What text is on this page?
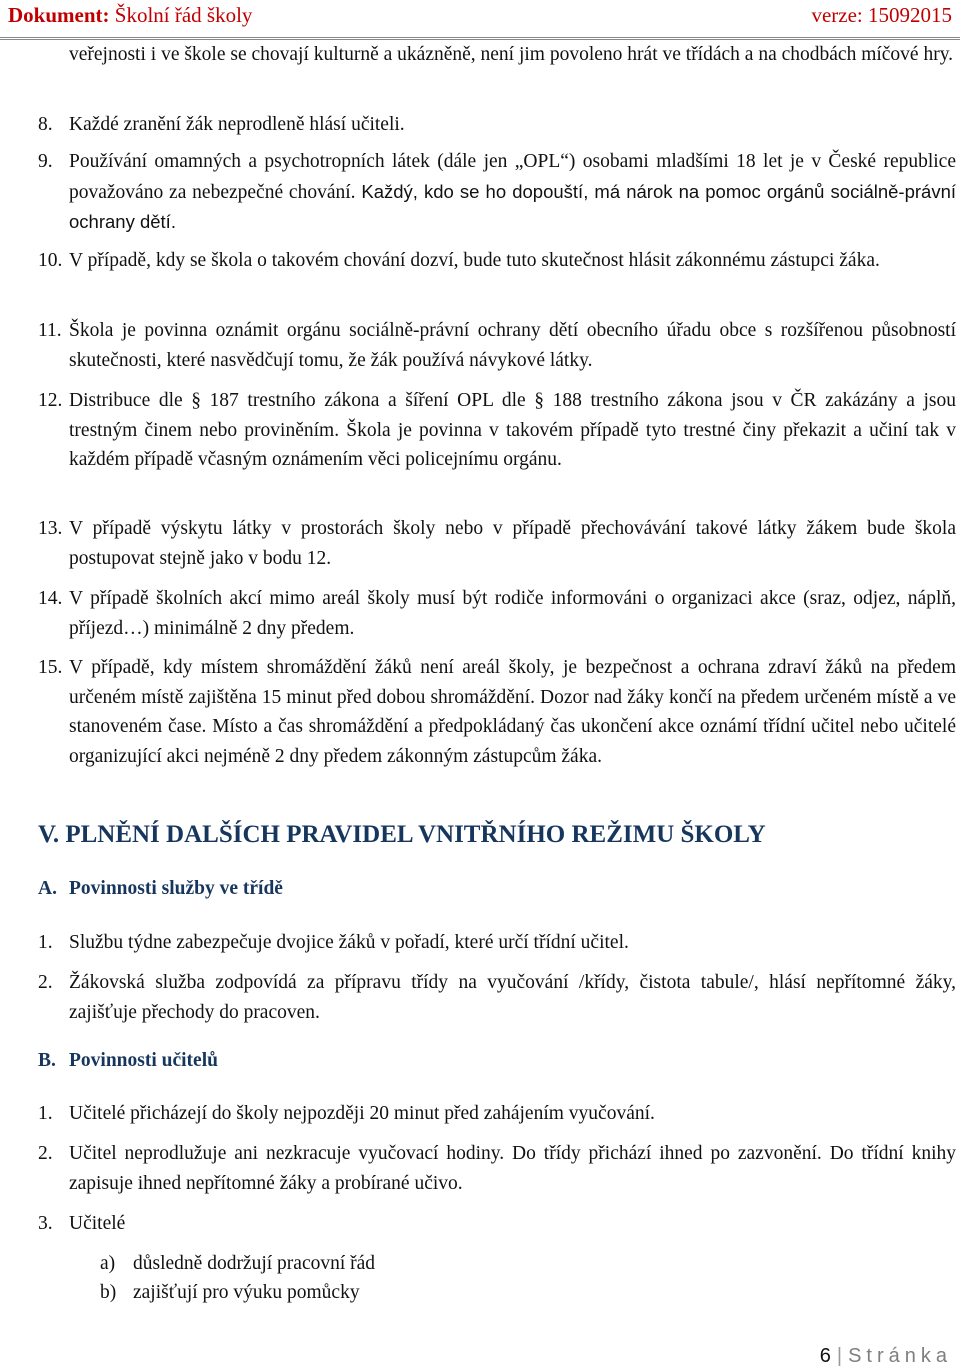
Dokument: Školní řád školy	verze: 15092015
veřejnosti i ve škole se chovají kulturně a ukázněně, není jim povoleno hrát ve třídách a na chodbách míčové hry.
8. Každé zranění žák neprodleně hlásí učiteli.
9. Používání omamných a psychotropních látek (dále jen „OPL“) osobami mladšími 18 let je v České republice považováno za nebezpečné chování. Každý, kdo se ho dopouští, má nárok na pomoc orgánů sociálně-právní ochrany dětí.
10. V případě, kdy se škola o takovém chování dozví, bude tuto skutečnost hlásit zákonnému zástupci žáka.
11. Škola je povinna oznámit orgánu sociálně-právní ochrany dětí obecního úřadu obce s rozšířenou působností skutečnosti, které nasvědčují tomu, že žák používá návykové látky.
12. Distribuce dle § 187 trestního zákona a šíření OPL dle § 188 trestního zákona jsou v ČR zakázány a jsou trestným činem nebo proviněním. Škola je povinna v takovém případě tyto trestné činy překazit a učiní tak v každém případě včasným oznámením věci policejnímu orgánu.
13. V případě výskytu látky v prostorách školy nebo v případě přechovávání takové látky žákem bude škola postupovat stejně jako v bodu 12.
14. V případě školních akcí mimo areál školy musí být rodiče informováni o organizaci akce (sraz, odjez, náplň, příjezd…) minimálně 2 dny předem.
15. V případě, kdy místem shromáždění žáků není areál školy, je bezpečnost a ochrana zdraví žáků na předem určeném místě zajištěna 15 minut před dobou shromáždění. Dozor nad žáky končí na předem určeném místě a ve stanoveném čase. Místo a čas shromáždění a předpokládaný čas ukončení akce oznámí třídní učitel nebo učitelé organizující akci nejméně 2 dny předem zákonným zástupcům žáka.
V. PLNĚNÍ DALŠÍCH PRAVIDEL VNITŘNÍHO REŽIMU ŠKOLY
A. Povinnosti služby ve třídě
1. Službu týdne zabezpečuje dvojice žáků v pořadí, které určí třídní učitel.
2. Žákovská služba zodpovídá za přípravu třídy na vyučování /křídy, čistota tabule/, hlásí nepřítomné žáky, zajišťuje přechody do pracoven.
B. Povinnosti učitelů
1. Učitelé přicházejí do školy nejpozději 20 minut před zahájením vyučování.
2. Učitel neprodlužuje ani nezkracuje vyučovací hodiny. Do třídy přichází ihned po zazvonění. Do třídní knihy zapisuje ihned nepřítomné žáky a probírané učivo.
3. Učitelé
a) důsledně dodržují pracovní řád
b) zajišťují pro výuku pomůcky
6 | Stránka
